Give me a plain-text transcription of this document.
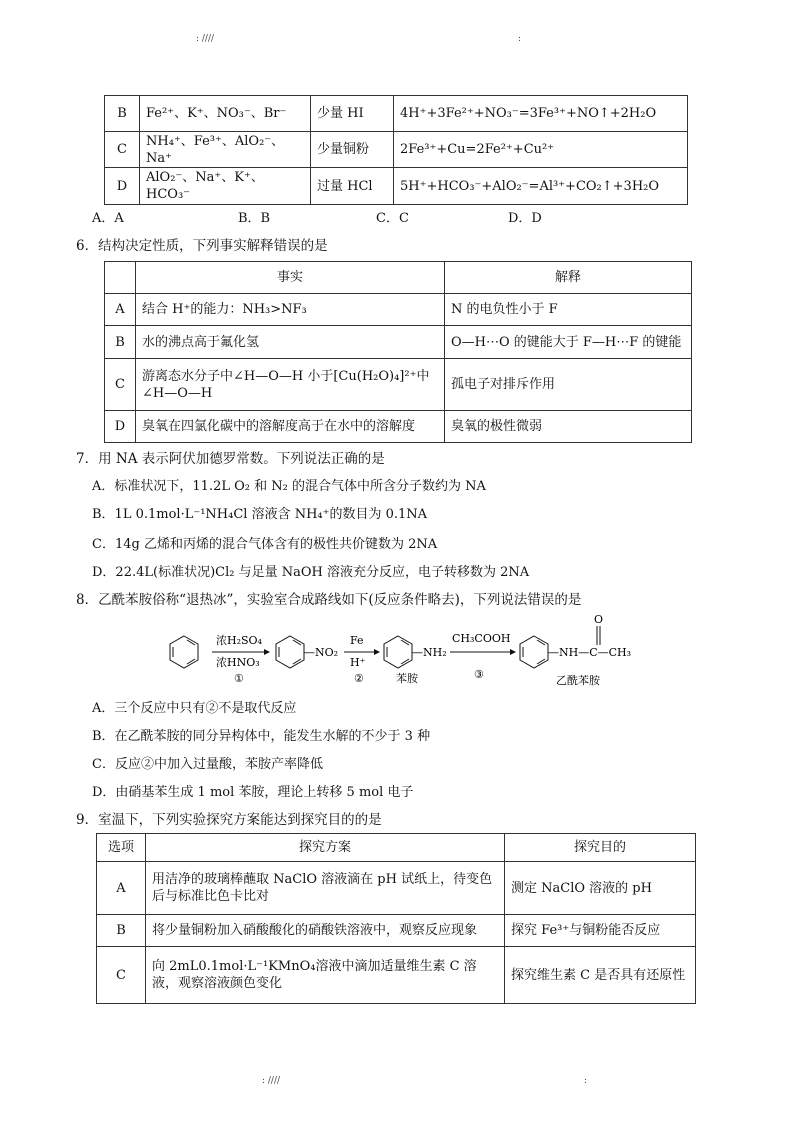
: ////	:
B	Fe²⁺、K⁺、NO₃⁻、Br⁻	少量 HI	4H⁺+3Fe²⁺+NO₃⁻=3Fe³⁺+NO↑+2H₂O
C	NH₄⁺、Fe³⁺、AlO₂⁻、Na⁺	少量铜粉	2Fe³⁺+Cu=2Fe²⁺+Cu²⁺
D	AlO₂⁻、Na⁺、K⁺、HCO₃⁻	过量 HCl	5H⁺+HCO₃⁻+AlO₂⁻=Al³⁺+CO₂↑+3H₂O
A．A	B．B	C．C	D．D
6．结构决定性质，下列事实解释错误的是
	事实	解释
A	结合 H⁺的能力：NH₃>NF₃	N 的电负性小于 F
B	水的沸点高于氟化氢	O—H⋯O 的键能大于 F—H⋯F 的键能
C	游离态水分子中∠H—O—H 小于[Cu(H₂O)₄]²⁺中∠H—O—H	孤电子对排斥作用
D	臭氧在四氯化碳中的溶解度高于在水中的溶解度	臭氧的极性微弱
7．用 NA 表示阿伏加德罗常数。下列说法正确的是
A．标准状况下，11.2L O₂ 和 N₂ 的混合气体中所含分子数约为 NA
B．1L 0.1mol·L⁻¹NH₄Cl 溶液含 NH₄⁺的数目为 0.1NA
C．14g 乙烯和丙烯的混合气体含有的极性共价键数为 2NA
D．22.4L(标准状况)Cl₂ 与足量 NaOH 溶液充分反应，电子转移数为 2NA
8．乙酰苯胺俗称“退热冰”，实验室合成路线如下(反应条件略去)，下列说法错误的是
浓H₂SO₄
浓HNO₃
①
—NO₂
Fe
H⁺
②
—NH₂
苯胺
CH₃COOH
③
—NH—C—CH₃
O
乙酰苯胺
A．三个反应中只有②不是取代反应
B．在乙酰苯胺的同分异构体中，能发生水解的不少于 3 种
C．反应②中加入过量酸，苯胺产率降低
D．由硝基苯生成 1 mol 苯胺，理论上转移 5 mol 电子
9．室温下，下列实验探究方案能达到探究目的的是
选项	探究方案	探究目的
A	用洁净的玻璃棒蘸取 NaClO 溶液滴在 pH 试纸上，待变色后与标准比色卡比对	测定 NaClO 溶液的 pH
B	将少量铜粉加入硝酸酸化的硝酸铁溶液中，观察反应现象	探究 Fe³⁺与铜粉能否反应
C	向 2mL0.1mol·L⁻¹KMnO₄溶液中滴加适量维生素 C 溶液，观察溶液颜色变化	探究维生素 C 是否具有还原性
: ////	:
